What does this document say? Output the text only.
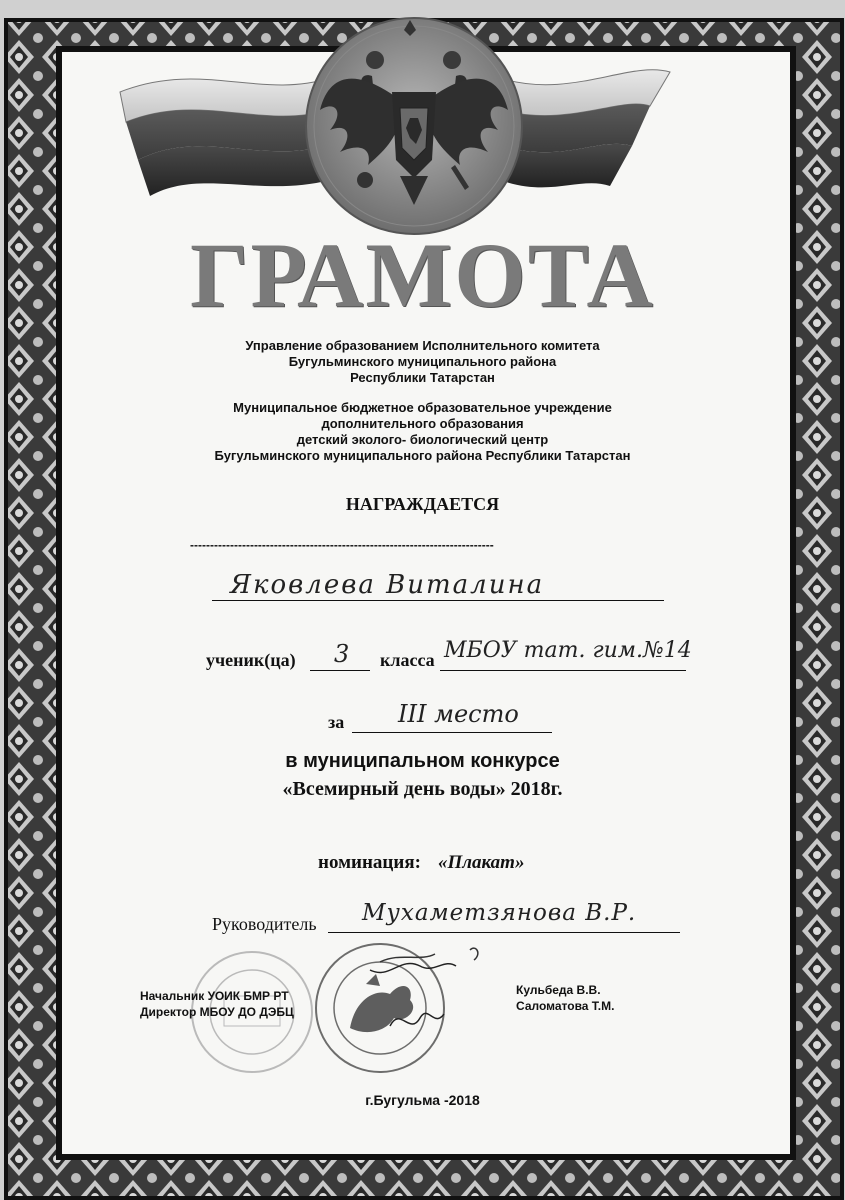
ГРАМОТА
Управление образованием Исполнительного комитета
Бугульминского муниципального района
Республики Татарстан
Муниципальное бюджетное образовательное учреждение
дополнительного образования
детский эколого- биологический центр
Бугульминского муниципального района Республики Татарстан
НАГРАЖДАЕТСЯ
----------------------------------------------------------------------------
Яковлева Виталина
ученик(ца) 3 класса МБОУ тат. гим.№14
за III место
в муниципальном конкурсе
«Всемирный день воды» 2018г.
номинация: «Плакат»
Руководитель Мухаметзянова В.Р.
Начальник УОИК БМР РТ
Директор МБОУ ДО ДЭБЦ
Кульбеда В.В.
Саломатова Т.М.
г.Бугульма -2018
